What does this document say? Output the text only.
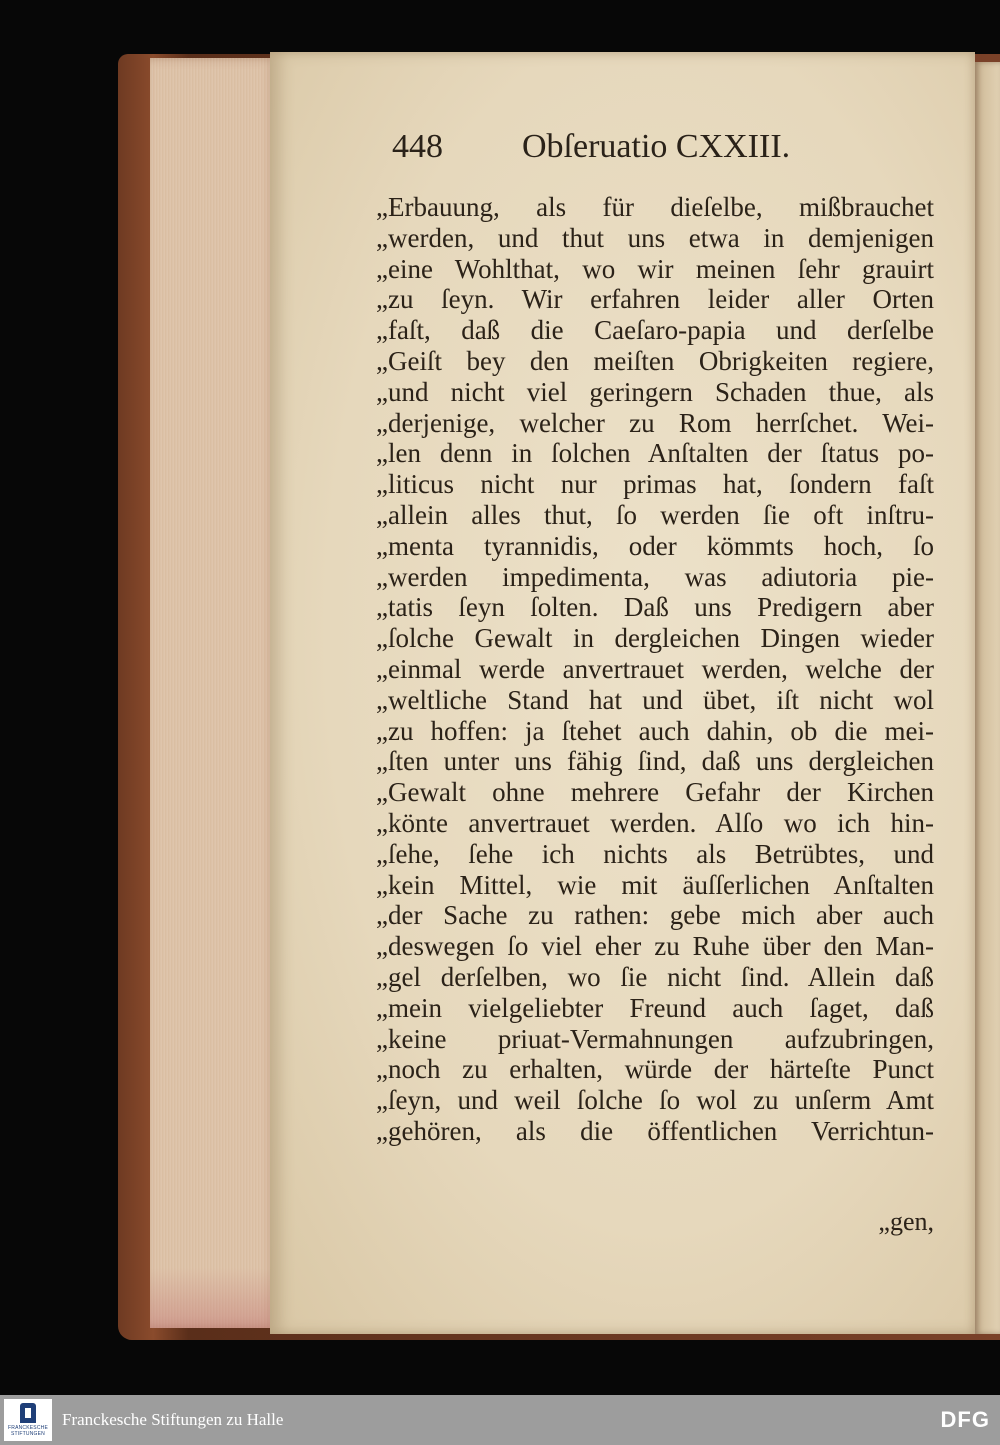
448 Obſeruatio CXXIII.
„Erbauung, als für dieſelbe, mißbrauchet
„werden, und thut uns etwa in demjenigen
„eine Wohlthat, wo wir meinen ſehr grauirt
„zu ſeyn. Wir erfahren leider aller Orten
„faſt, daß die Caeſaro-papia und derſelbe
„Geiſt bey den meiſten Obrigkeiten regiere,
„und nicht viel geringern Schaden thue, als
„derjenige, welcher zu Rom herrſchet. Wei-
„len denn in ſolchen Anſtalten der ſtatus po-
„liticus nicht nur primas hat, ſondern faſt
„allein alles thut, ſo werden ſie oft inſtru-
„menta tyrannidis, oder kömmts hoch, ſo
„werden impedimenta, was adiutoria pie-
„tatis ſeyn ſolten. Daß uns Predigern aber
„ſolche Gewalt in dergleichen Dingen wieder
„einmal werde anvertrauet werden, welche der
„weltliche Stand hat und übet, iſt nicht wol
„zu hoffen: ja ſtehet auch dahin, ob die mei-
„ſten unter uns fähig ſind, daß uns dergleichen
„Gewalt ohne mehrere Gefahr der Kirchen
„könte anvertrauet werden. Alſo wo ich hin-
„ſehe, ſehe ich nichts als Betrübtes, und
„kein Mittel, wie mit äuſſerlichen Anſtalten
„der Sache zu rathen: gebe mich aber auch
„deswegen ſo viel eher zu Ruhe über den Man-
„gel derſelben, wo ſie nicht ſind. Allein daß
„mein vielgeliebter Freund auch ſaget, daß
„keine priuat-Vermahnungen aufzubringen,
„noch zu erhalten, würde der härteſte Punct
„ſeyn, und weil ſolche ſo wol zu unſerm Amt
„gehören, als die öffentlichen Verrichtun-
„gen,
FRANCKESCHE
STIFTUNGEN
Franckesche Stiftungen zu Halle	DFG
